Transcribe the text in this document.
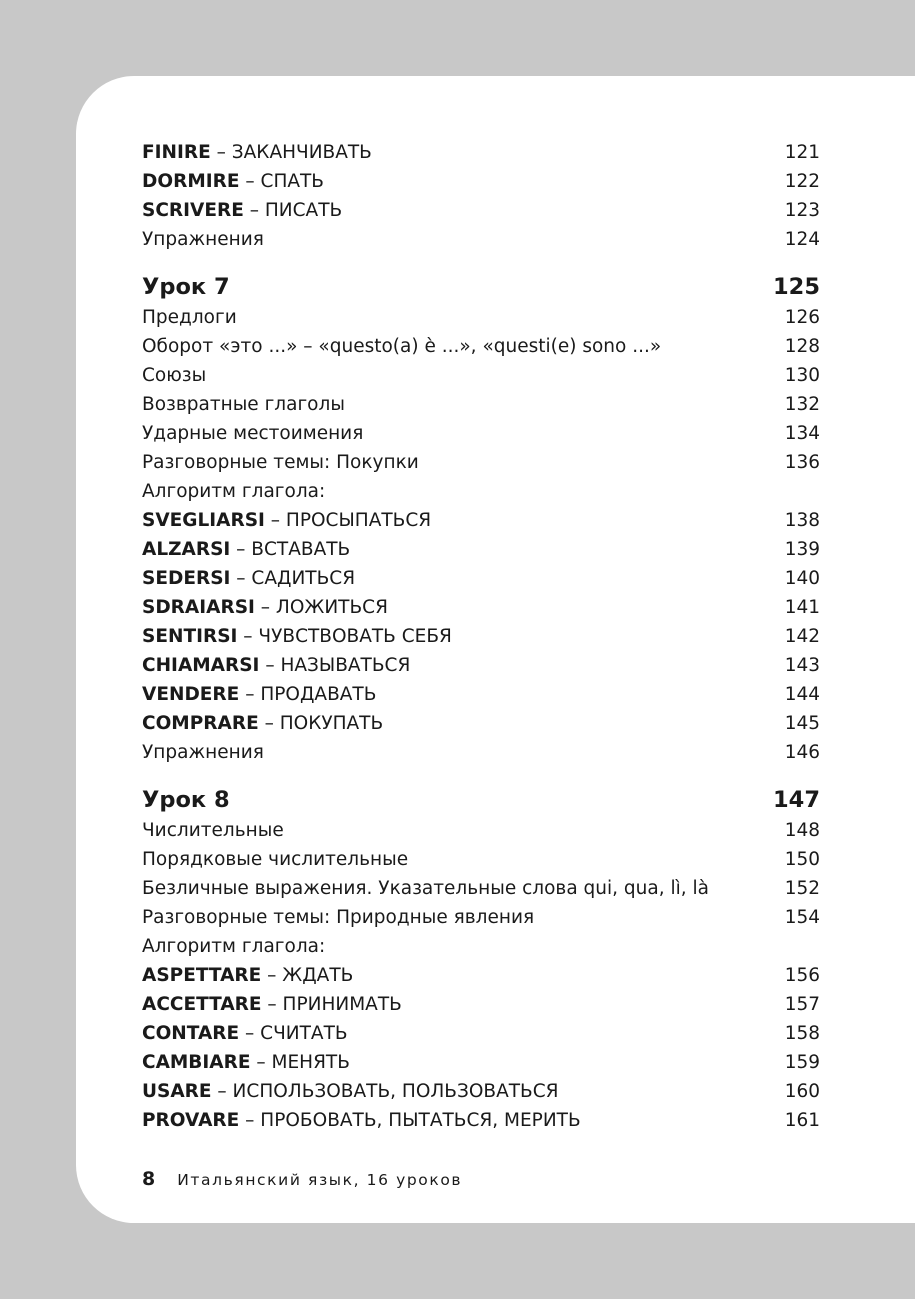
FINIRE – ЗАКАНЧИВАТЬ	121
DORMIRE – СПАТЬ	122
SCRIVERE – ПИСАТЬ	123
Упражнения	124
Урок 7	125
Предлоги	126
Оборот «это ...» – «questo(a) è ...», «questi(e) sono ...»	128
Союзы	130
Возвратные глаголы	132
Ударные местоимения	134
Разговорные темы: Покупки	136
Алгоритм глагола:
SVEGLIARSI – ПРОСЫПАТЬСЯ	138
ALZARSI – ВСТАВАТЬ	139
SEDERSI – САДИТЬСЯ	140
SDRAIARSI – ЛОЖИТЬСЯ	141
SENTIRSI – ЧУВСТВОВАТЬ СЕБЯ	142
CHIAMARSI – НАЗЫВАТЬСЯ	143
VENDERE – ПРОДАВАТЬ	144
COMPRARE – ПОКУПАТЬ	145
Упражнения	146
Урок 8	147
Числительные	148
Порядковые числительные	150
Безличные выражения. Указательные слова qui, qua, lì, là	152
Разговорные темы: Природные явления	154
Алгоритм глагола:
ASPETTARE – ЖДАТЬ	156
ACCETTARE – ПРИНИМАТЬ	157
CONTARE – СЧИТАТЬ	158
CAMBIARE – МЕНЯТЬ	159
USARE – ИСПОЛЬЗОВАТЬ, ПОЛЬЗОВАТЬСЯ	160
PROVARE – ПРОБОВАТЬ, ПЫТАТЬСЯ, МЕРИТЬ	161
8 Итальянский язык, 16 уроков
